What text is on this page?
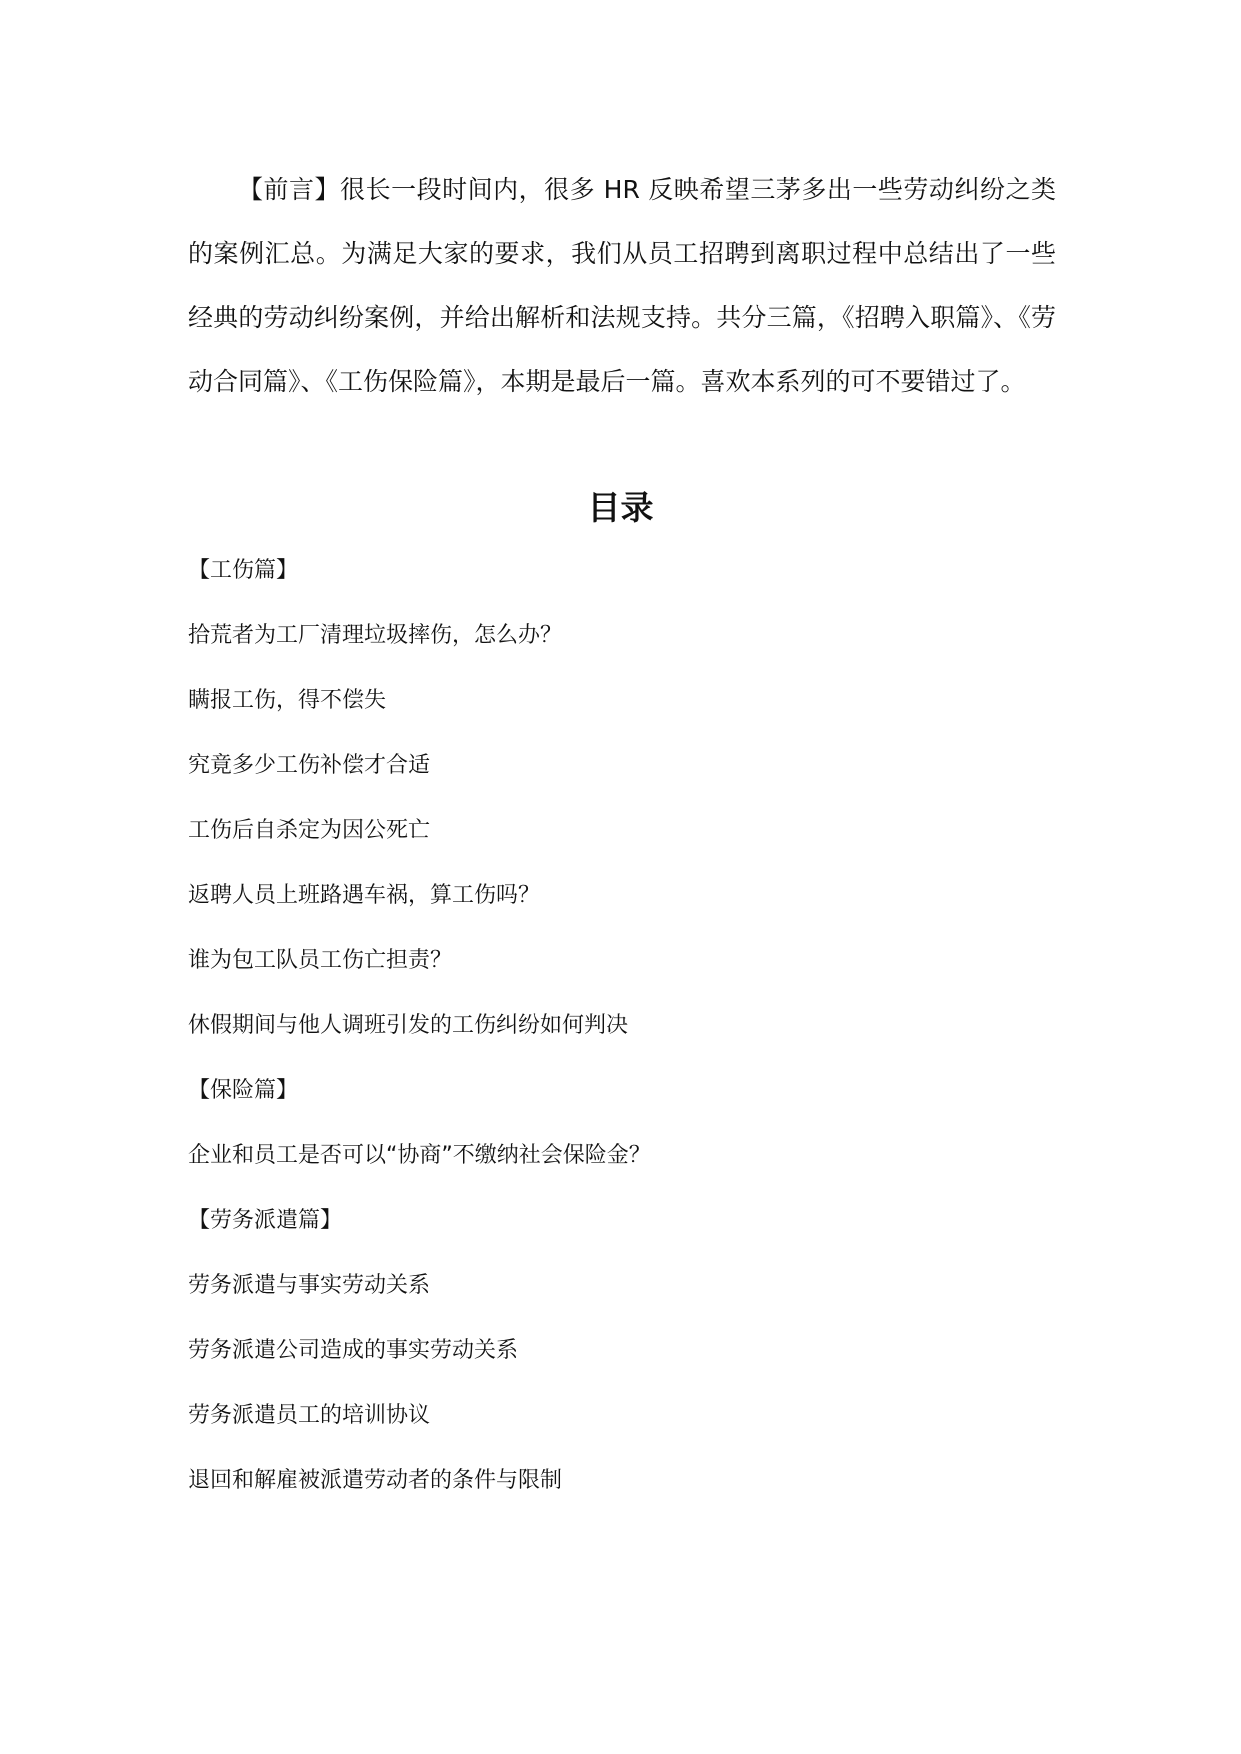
【前言】很长一段时间内，很多 HR 反映希望三茅多出一些劳动纠纷之类的案例汇总。为满足大家的要求，我们从员工招聘到离职过程中总结出了一些经典的劳动纠纷案例，并给出解析和法规支持。共分三篇，《招聘入职篇》、《劳动合同篇》、《工伤保险篇》，本期是最后一篇。喜欢本系列的可不要错过了。

目录
【工伤篇】
拾荒者为工厂清理垃圾摔伤，怎么办？
瞒报工伤，得不偿失
究竟多少工伤补偿才合适
工伤后自杀定为因公死亡
返聘人员上班路遇车祸，算工伤吗？
谁为包工队员工伤亡担责？
休假期间与他人调班引发的工伤纠纷如何判决
【保险篇】
企业和员工是否可以“协商”不缴纳社会保险金？
【劳务派遣篇】
劳务派遣与事实劳动关系
劳务派遣公司造成的事实劳动关系
劳务派遣员工的培训协议
退回和解雇被派遣劳动者的条件与限制
